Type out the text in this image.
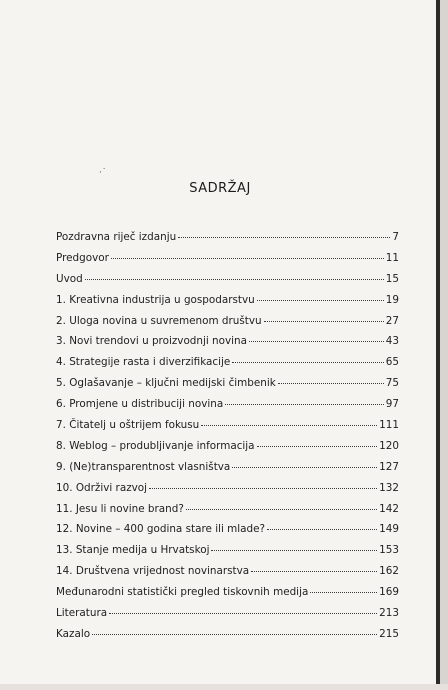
·˙
SADRŽAJ
Pozdravna riječ izdanju	7
Predgovor	11
Uvod	15
1. Kreativna industrija u gospodarstvu	19
2. Uloga novina u suvremenom društvu	27
3. Novi trendovi u proizvodnji novina	43
4. Strategije rasta i diverzifikacije	65
5. Oglašavanje – ključni medijski čimbenik	75
6. Promjene u distribuciji novina	97
7. Čitatelj u oštrijem fokusu	111
8. Weblog – produbljivanje informacija	120
9. (Ne)transparentnost vlasništva	127
10. Održivi razvoj	132
11. Jesu li novine brand?	142
12. Novine – 400 godina stare ili mlade?	149
13. Stanje medija u Hrvatskoj	153
14. Društvena vrijednost novinarstva	162
Međunarodni statistički pregled tiskovnih medija	169
Literatura	213
Kazalo	215
